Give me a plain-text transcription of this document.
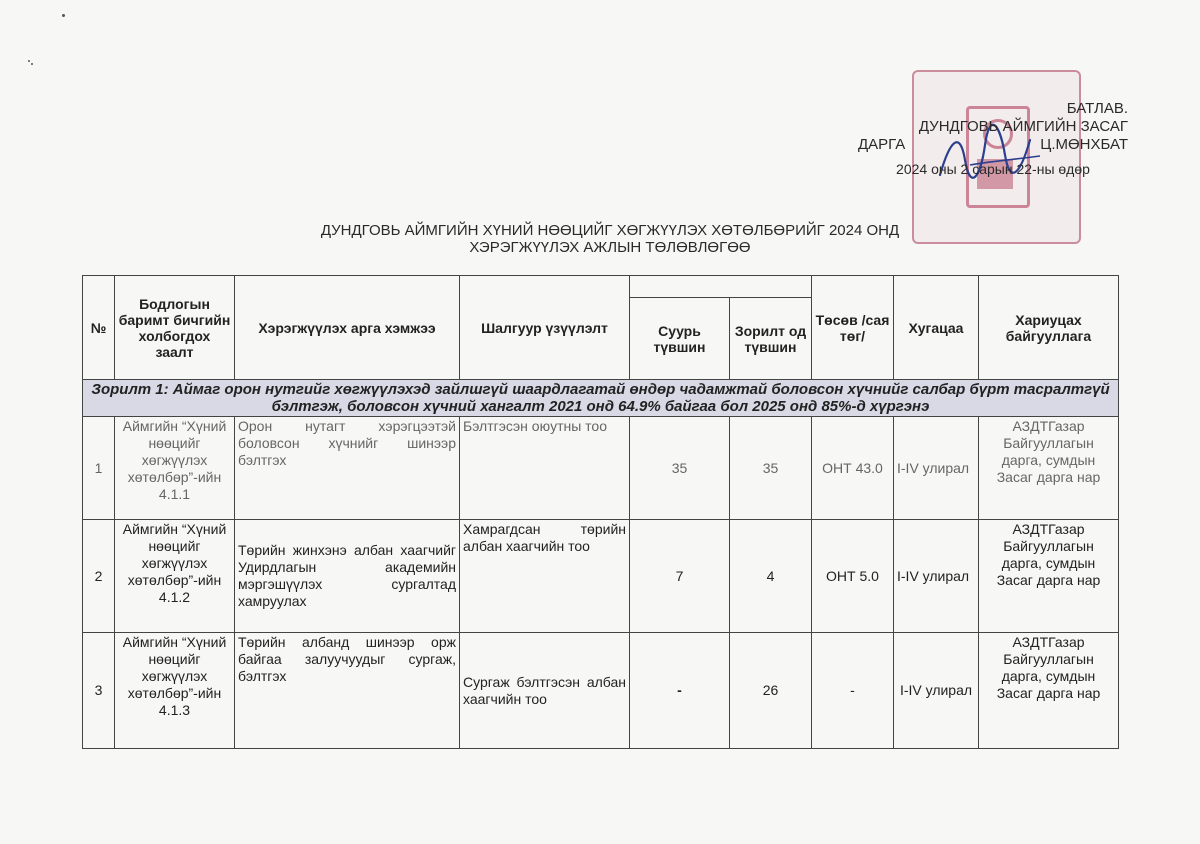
БАТЛАВ.
ДУНДГОВЬ АЙМГИЙН ЗАСАГ
ДАРГА	Ц.МӨНХБАТ
2024 оны 2 сарын 22-ны өдөр
ДУНДГОВЬ АЙМГИЙН ХҮНИЙ НӨӨЦИЙГ ХӨГЖҮҮЛЭХ ХӨТӨЛБӨРИЙГ 2024 ОНД
ХЭРЭГЖҮҮЛЭХ АЖЛЫН ТӨЛӨВЛӨГӨӨ
№	Бодлогын баримт бичгийн холбогдох заалт	Хэрэгжүүлэх арга хэмжээ	Шалгуур үзүүлэлт			Төсөв /сая төг/	Хугацаа	Хариуцах байгууллага
				Суурь түвшин	Зорилт од түвшин			
Зорилт 1: Аймаг орон нутгийг хөгжүүлэхэд зайлшгүй шаардлагатай өндөр чадамжтай боловсон хүчнийг салбар бүрт тасралтгүй бэлтгэж, боловсон хүчний хангалт 2021 онд 64.9% байгаа бол 2025 онд 85%-д хүргэнэ								
1	Аймгийн “Хүний нөөцийг хөгжүүлэх хөтөлбөр”-ийн 4.1.1	Орон нутагт хэрэгцээтэй боловсон хүчнийг шинээр бэлтгэх	Бэлтгэсэн оюутны тоо	35	35	ОНТ 43.0	I-IV улирал	АЗДТГазар Байгууллагын дарга, сумдын Засаг дарга нар
2	Аймгийн “Хүний нөөцийг хөгжүүлэх хөтөлбөр”-ийн 4.1.2	Төрийн жинхэнэ албан хаагчийг Удирдлагын академийн мэргэшүүлэх сургалтад хамруулах	Хамрагдсан төрийн албан хаагчийн тоо	7	4	ОНТ 5.0	I-IV улирал	АЗДТГазар Байгууллагын дарга, сумдын Засаг дарга нар
3	Аймгийн “Хүний нөөцийг хөгжүүлэх хөтөлбөр”-ийн 4.1.3	Төрийн албанд шинээр орж байгаа залуучуудыг сургаж, бэлтгэх	Сургаж бэлтгэсэн албан хаагчийн тоо	-	26	-	I-IV улирал	АЗДТГазар Байгууллагын дарга, сумдын Засаг дарга нар
